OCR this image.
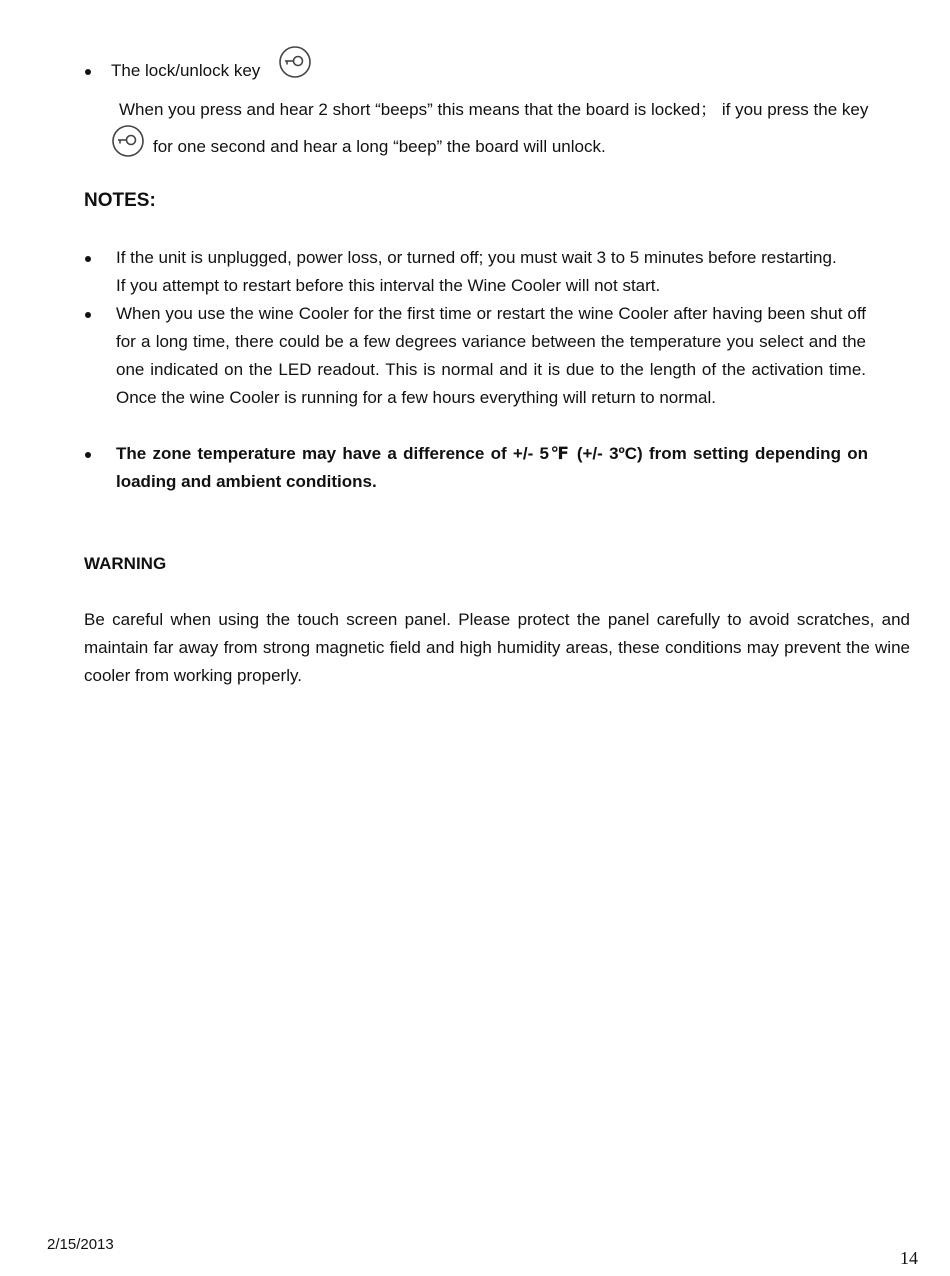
The lock/unlock key
When you press and hear 2 short “beeps” this means that the board is locked； if you press the key
for one second and hear a long “beep” the board will unlock.
NOTES:
If the unit is unplugged, power loss, or turned off; you must wait 3 to 5 minutes before restarting.
If you attempt to restart before this interval the Wine Cooler will not start.
When you use the wine Cooler for the first time or restart the wine Cooler after having been shut off for a long time, there could be a few degrees variance between the temperature you select and the one indicated on the LED readout. This is normal and it is due to the length of the activation time. Once the wine Cooler is running for a few hours everything will return to normal.
The zone temperature may have a difference of +/- 5℉ (+/- 3ºC) from setting depending on loading and ambient conditions.
WARNING
Be careful when using the touch screen panel. Please protect the panel carefully to avoid scratches, and maintain far away from strong magnetic field and high humidity areas, these conditions may prevent the wine cooler from working properly.
2/15/2013
14
